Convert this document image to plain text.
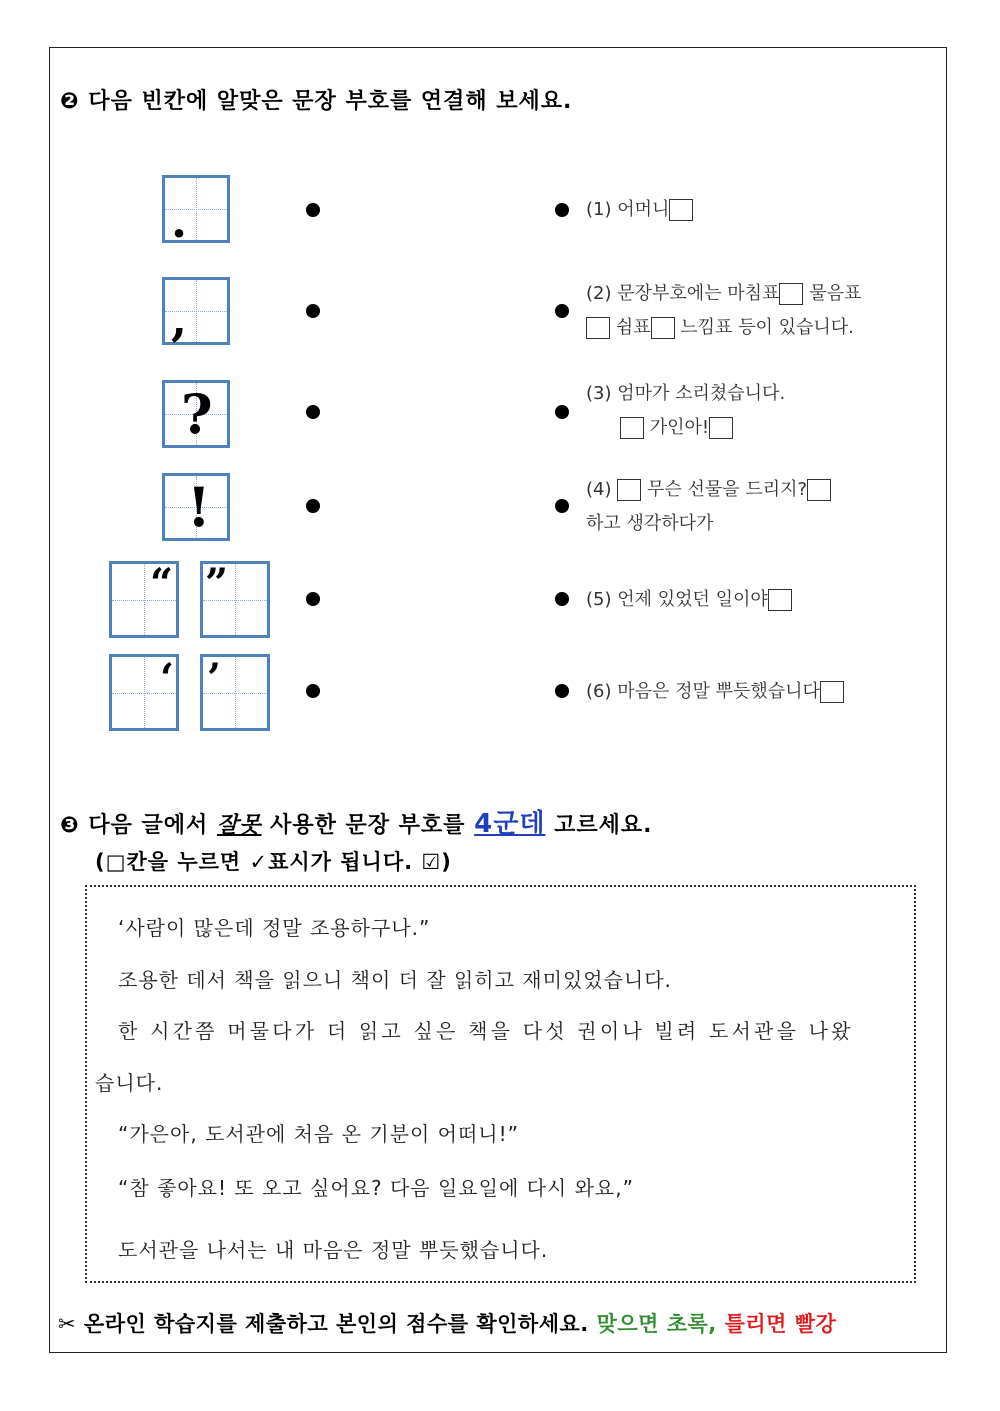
❷ 다음 빈칸에 알맞은 문장 부호를 연결해 보세요.
.
,
?
!
“ ”
‘ ’
(1) 어머니
(2) 문장부호에는 마침표 물음표
쉼표 느낌표 등이 있습니다.
(3) 엄마가 소리쳤습니다.
가인아!
(4) 무슨 선물을 드리지?
하고 생각하다가
(5) 언제 있었던 일이야
(6) 마음은 정말 뿌듯했습니다
❸ 다음 글에서 잘못 사용한 문장 부호를 4군데 고르세요.
(□칸을 누르면 ✓표시가 됩니다. ☑)
‘사람이 많은데 정말 조용하구나.”
조용한 데서 책을 읽으니 책이 더 잘 읽히고 재미있었습니다.
한 시간쯤 머물다가 더 읽고 싶은 책을 다섯 권이나 빌려 도서관을 나왔
습니다.
“가은아, 도서관에 처음 온 기분이 어떠니!”
“참 좋아요! 또 오고 싶어요? 다음 일요일에 다시 와요,”
도서관을 나서는 내 마음은 정말 뿌듯했습니다.
✂ 온라인 학습지를 제출하고 본인의 점수를 확인하세요. 맞으면 초록, 틀리면 빨강
